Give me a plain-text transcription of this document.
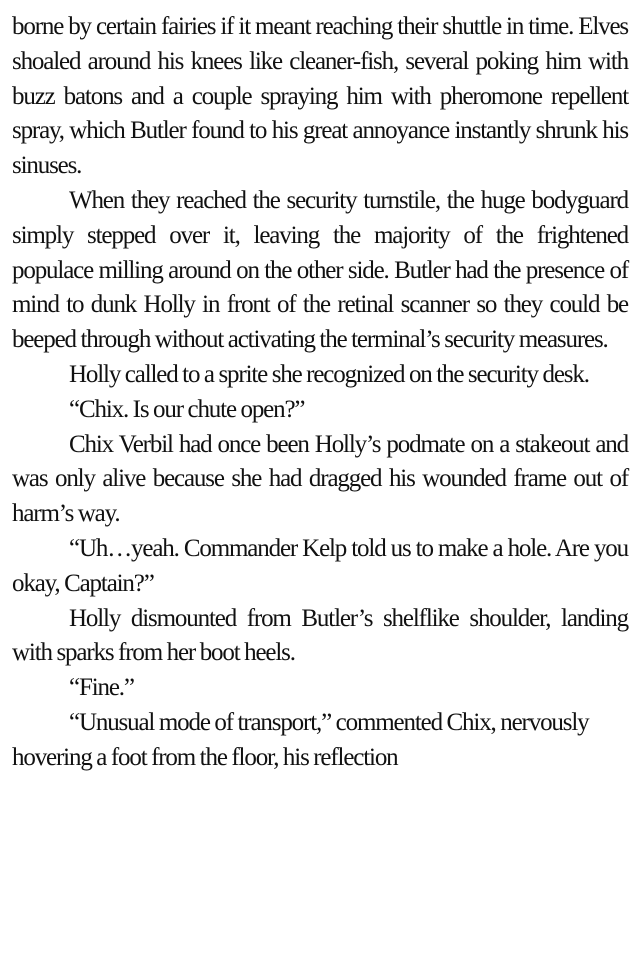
borne by certain fairies if it meant reaching their shuttle in time. Elves shoaled around his knees like cleaner-fish, several poking him with buzz batons and a couple spraying him with pheromone repellent spray, which Butler found to his great annoyance instantly shrunk his sinuses.

When they reached the security turnstile, the huge bodyguard simply stepped over it, leaving the majority of the frightened populace milling around on the other side. Butler had the presence of mind to dunk Holly in front of the retinal scanner so they could be beeped through without activating the terminal’s security measures.

Holly called to a sprite she recognized on the security desk.

“Chix. Is our chute open?”

Chix Verbil had once been Holly’s podmate on a stakeout and was only alive because she had dragged his wounded frame out of harm’s way.

“Uh…yeah. Commander Kelp told us to make a hole. Are you okay, Captain?”

Holly dismounted from Butler’s shelflike shoulder, landing with sparks from her boot heels.

“Fine.”

“Unusual mode of transport,” commented Chix, nervously hovering a foot from the floor, his reflection
